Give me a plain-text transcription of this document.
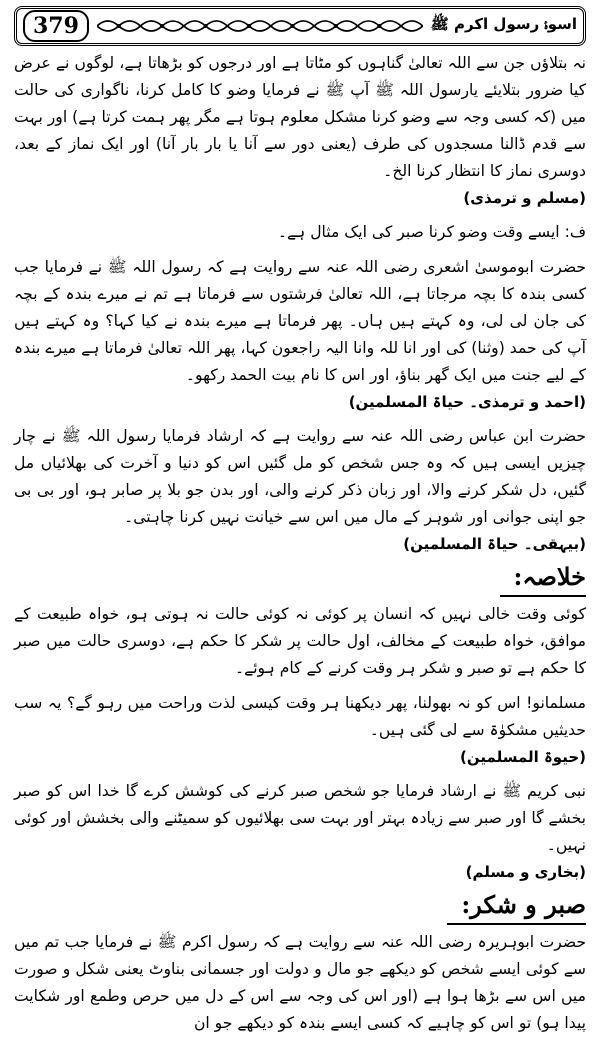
اسوۂ رسول اکرم ﷺ
379

نہ بتلاؤں جن سے اللہ تعالیٰ گناہوں کو مٹاتا ہے اور درجوں کو بڑھاتا ہے، لوگوں نے عرض کیا ضرور بتلایئے یارسول اللہ ﷺ آپ ﷺ نے فرمایا وضو کا کامل کرنا، ناگواری کی حالت میں (کہ کسی وجہ سے وضو کرنا مشکل معلوم ہوتا ہے مگر پھر ہمت کرتا ہے) اور بہت سے قدم ڈالنا مسجدوں کی طرف (یعنی دور سے آنا یا بار بار آنا) اور ایک نماز کے بعد، دوسری نماز کا انتظار کرنا الخ۔
(مسلم و ترمذی)

ف: ایسے وقت وضو کرنا صبر کی ایک مثال ہے۔

حضرت ابوموسیٰ اشعری رضی اللہ عنہ سے روایت ہے کہ رسول اللہ ﷺ نے فرمایا جب کسی بندہ کا بچہ مرجاتا ہے، اللہ تعالیٰ فرشتوں سے فرماتا ہے تم نے میرے بندہ کے بچہ کی جان لی لی، وہ کہتے ہیں ہاں۔ پھر فرماتا ہے میرے بندہ نے کیا کہا؟ وہ کہتے ہیں آپ کی حمد (وثنا) کی اور انا للہ وانا الیہ راجعون کہا، پھر اللہ تعالیٰ فرماتا ہے میرے بندہ کے لیے جنت میں ایک گھر بناؤ، اور اس کا نام بیت الحمد رکھو۔
(احمد و ترمذی۔ حیاۃ المسلمین)

حضرت ابن عباس رضی اللہ عنہ سے روایت ہے کہ ارشاد فرمایا رسول اللہ ﷺ نے چار چیزیں ایسی ہیں کہ وہ جس شخص کو مل گئیں اس کو دنیا و آخرت کی بھلائیاں مل گئیں، دل شکر کرنے والا، اور زبان ذکر کرنے والی، اور بدن جو بلا پر صابر ہو، اور بی بی جو اپنی جوانی اور شوہر کے مال میں اس سے خیانت نہیں کرنا چاہتی۔
(بیہقی۔ حیاۃ المسلمین)

خلاصہ:

کوئی وقت خالی نہیں کہ انسان پر کوئی نہ کوئی حالت نہ ہوتی ہو، خواہ طبیعت کے موافق، خواہ طبیعت کے مخالف، اول حالت پر شکر کا حکم ہے، دوسری حالت میں صبر کا حکم ہے تو صبر و شکر ہر وقت کرنے کے کام ہوئے۔

مسلمانو! اس کو نہ بھولنا، پھر دیکھنا ہر وقت کیسی لذت وراحت میں رہو گے؟ یہ سب حدیثیں مشکوٰۃ سے لی گئی ہیں۔
(حیوۃ المسلمین)

نبی کریم ﷺ نے ارشاد فرمایا جو شخص صبر کرنے کی کوشش کرے گا خدا اس کو صبر بخشے گا اور صبر سے زیادہ بہتر اور بہت سی بھلائیوں کو سمیٹنے والی بخشش اور کوئی نہیں۔
(بخاری و مسلم)

صبر و شکر:

حضرت ابوہریرہ رضی اللہ عنہ سے روایت ہے کہ رسول اکرم ﷺ نے فرمایا جب تم میں سے کوئی ایسے شخص کو دیکھے جو مال و دولت اور جسمانی بناوٹ یعنی شکل و صورت میں اس سے بڑھا ہوا ہے (اور اس کی وجہ سے اس کے دل میں حرص وطمع اور شکایت پیدا ہو) تو اس کو چاہیے کہ کسی ایسے بندہ کو دیکھے جو ان
